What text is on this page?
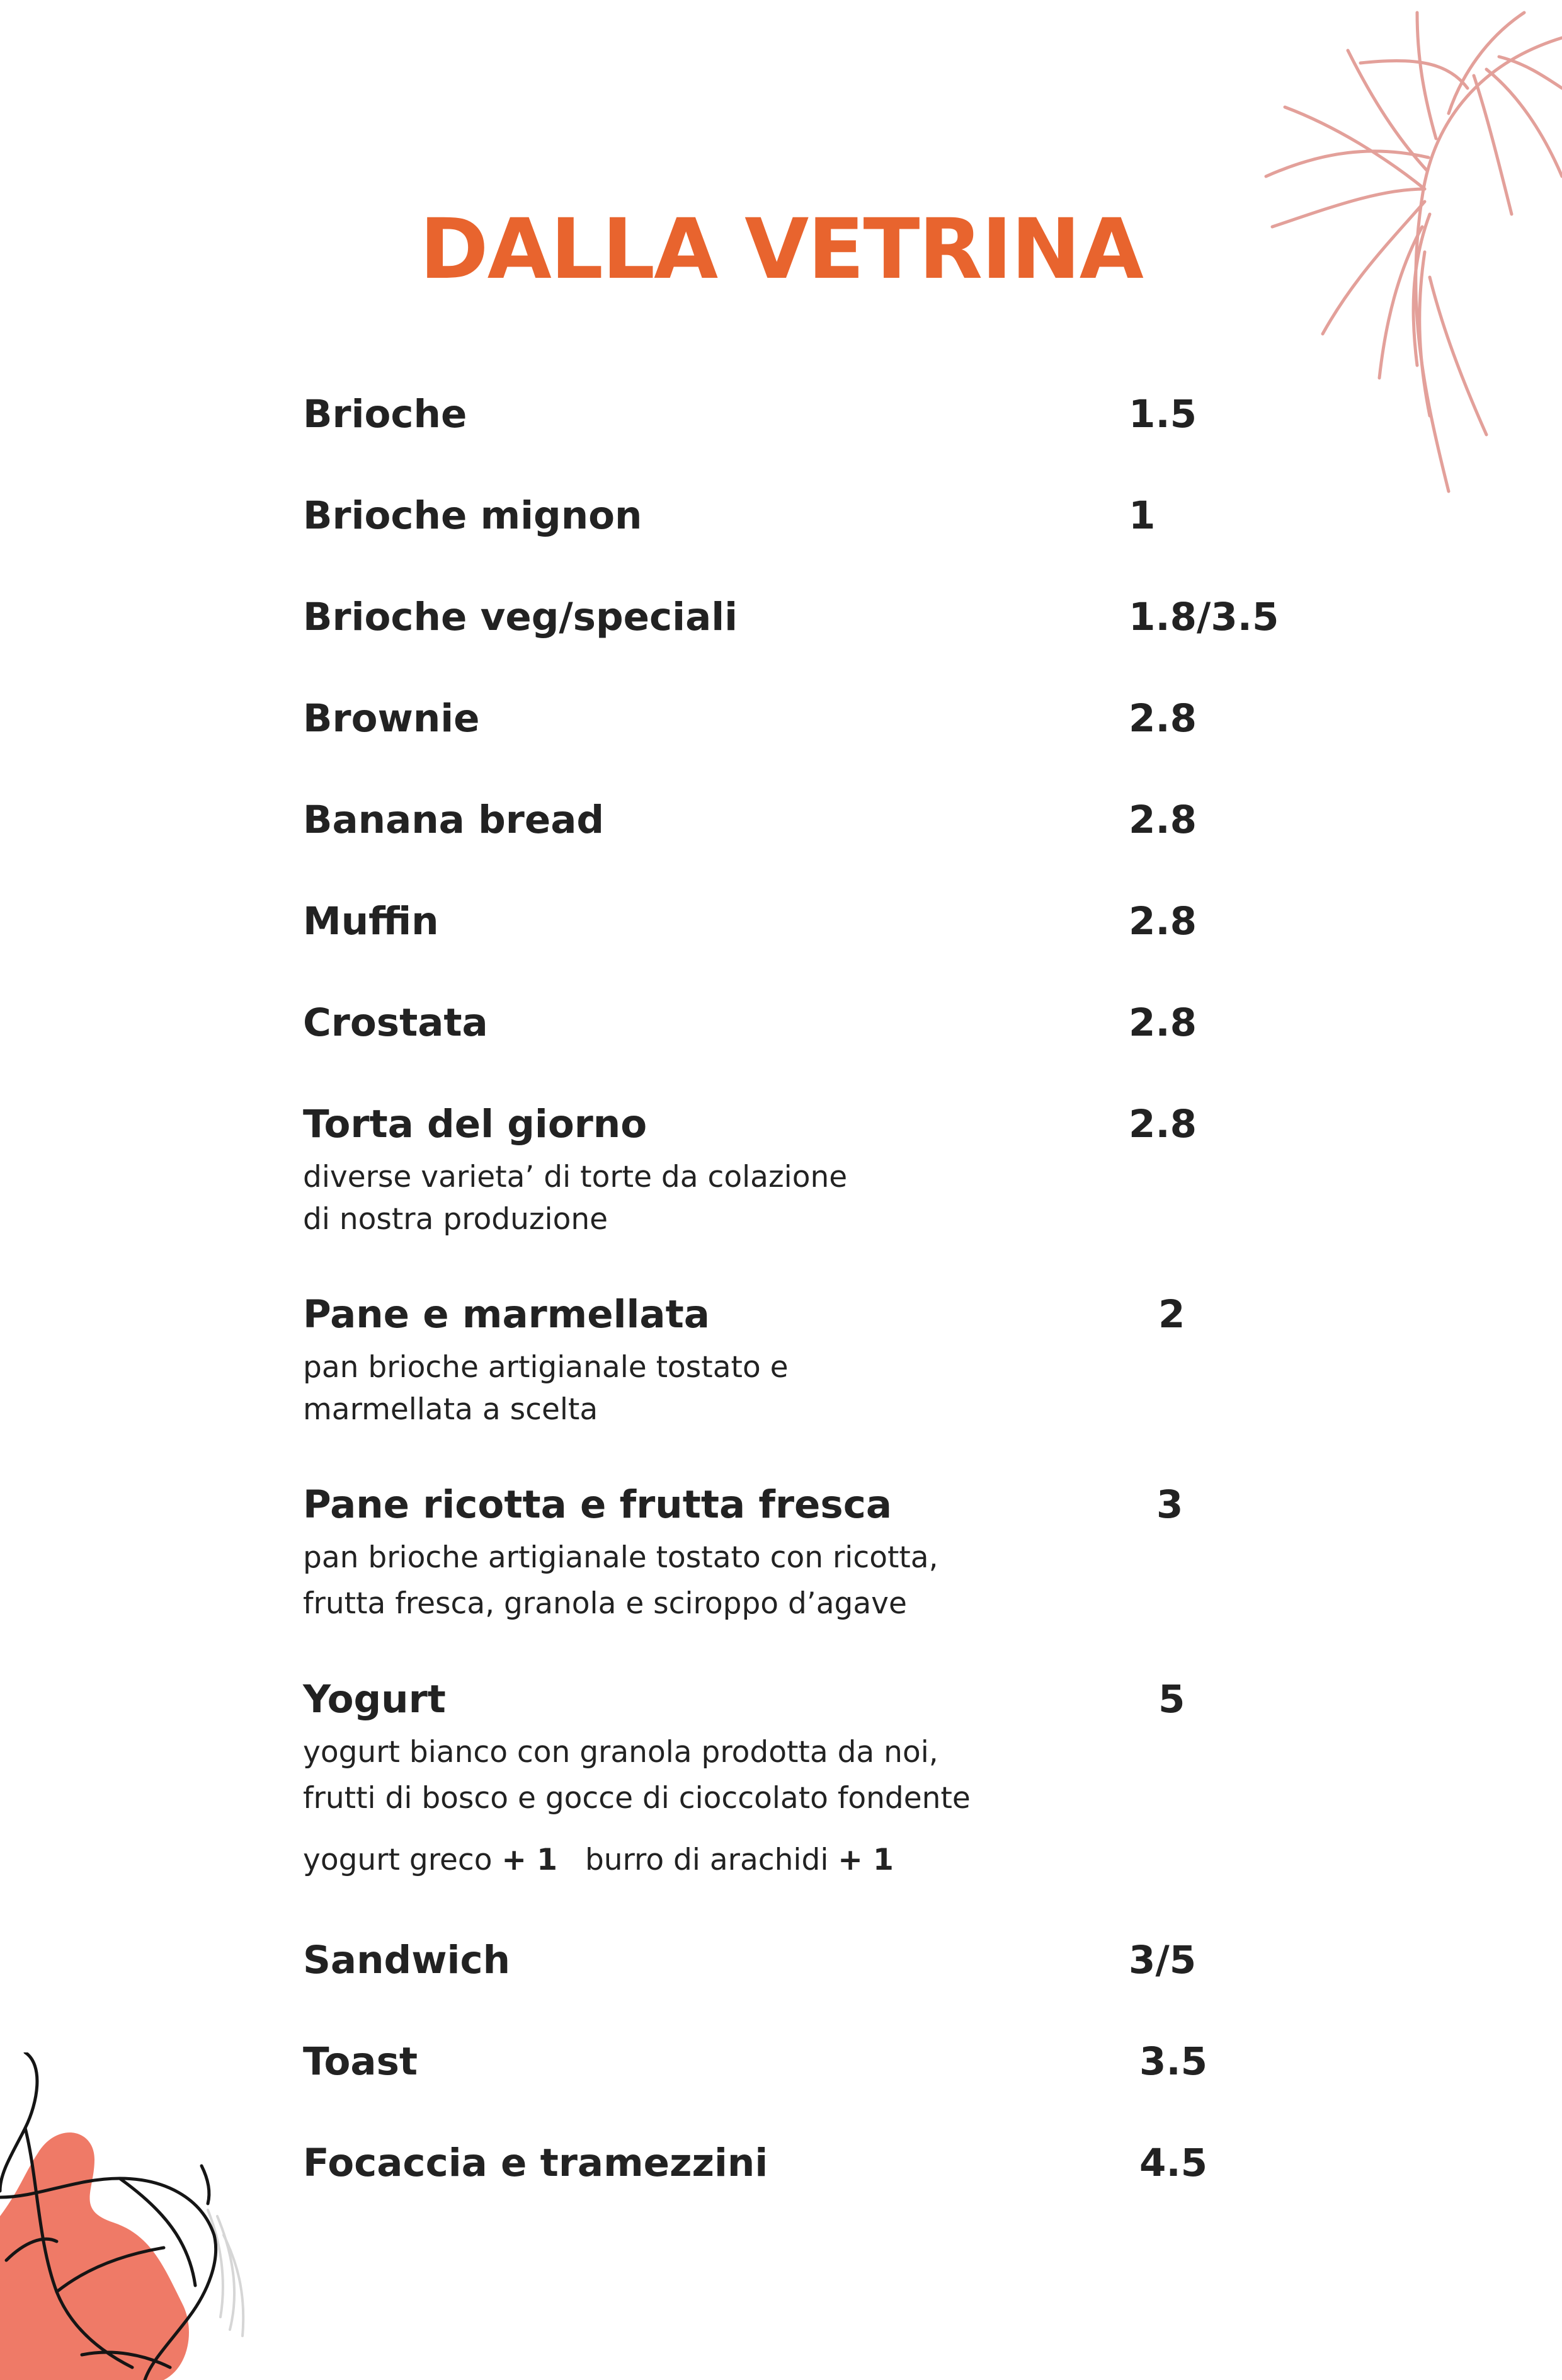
DALLA VETRINA
Brioche	1.5
Brioche mignon	1
Brioche veg/speciali	1.8/3.5
Brownie	2.8
Banana bread	2.8
Muffin	2.8
Crostata	2.8
Torta del giorno	2.8
diverse varieta’ di torte da colazione
di nostra produzione
Pane e marmellata	2
pan brioche artigianale tostato e
marmellata a scelta
Pane ricotta e frutta fresca	3
pan brioche artigianale tostato con ricotta,
frutta fresca, granola e sciroppo d’agave
Yogurt	5
yogurt bianco con granola prodotta da noi,
frutti di bosco e gocce di cioccolato fondente
yogurt greco + 1 burro di arachidi + 1
Sandwich	3/5
Toast	3.5
Focaccia e tramezzini	4.5
